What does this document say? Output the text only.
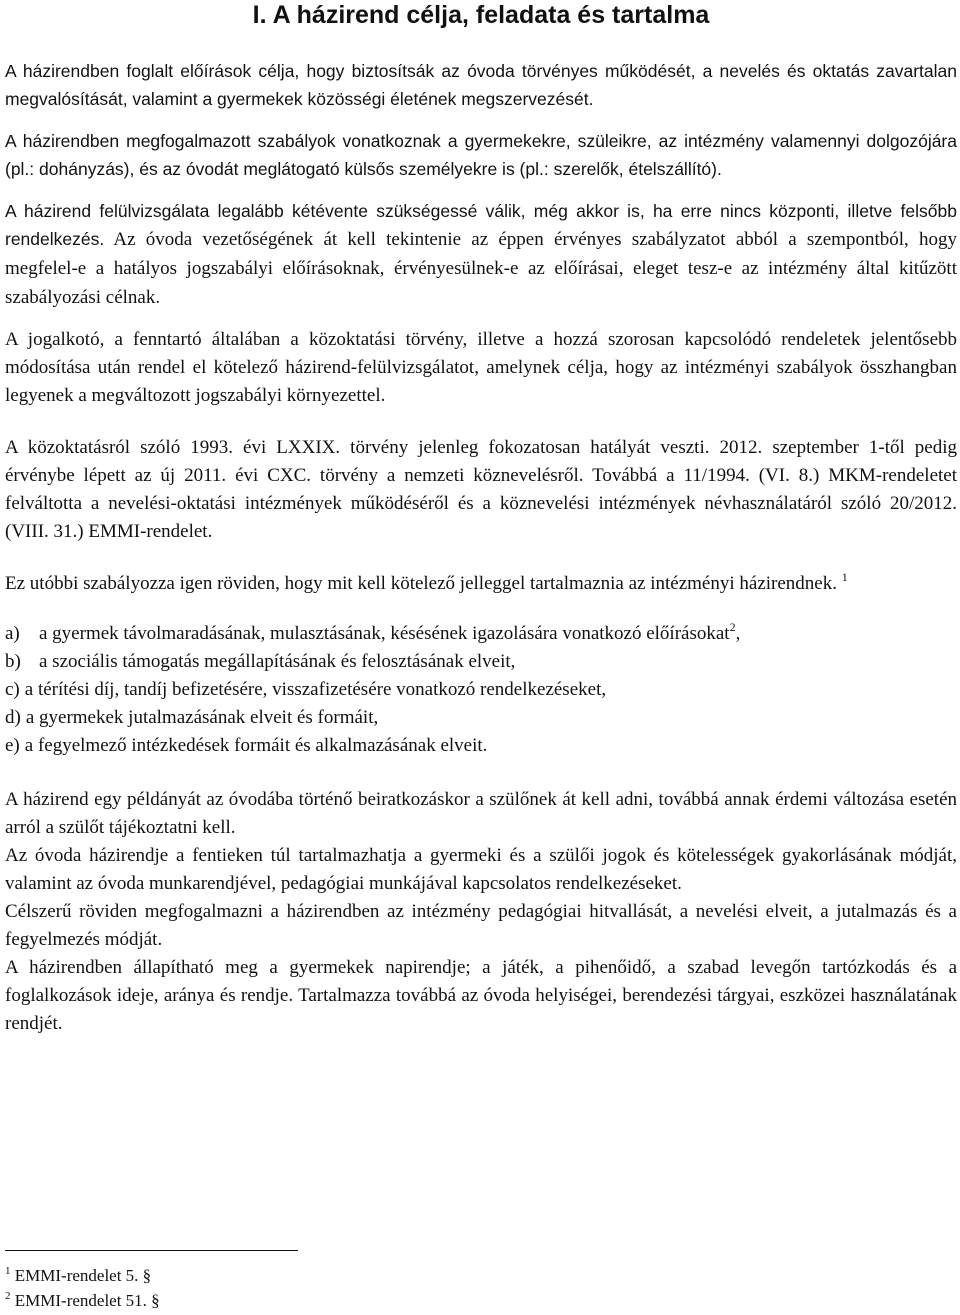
I. A házirend célja, feladata és tartalma

A házirendben foglalt előírások célja, hogy biztosítsák az óvoda törvényes működését, a nevelés és oktatás zavartalan megvalósítását, valamint a gyermekek közösségi életének megszervezését.

A házirendben megfogalmazott szabályok vonatkoznak a gyermekekre, szüleikre, az intézmény valamennyi dolgozójára (pl.: dohányzás), és az óvodát meglátogató külsős személyekre is (pl.: szerelők, ételszállító).

A házirend felülvizsgálata legalább kétévente szükségessé válik, még akkor is, ha erre nincs központi, illetve felsőbb rendelkezés. Az óvoda vezetőségének át kell tekintenie az éppen érvényes szabályzatot abból a szempontból, hogy megfelel-e a hatályos jogszabályi előírásoknak, érvényesülnek-e az előírásai, eleget tesz-e az intézmény által kitűzött szabályozási célnak.

A jogalkotó, a fenntartó általában a közoktatási törvény, illetve a hozzá szorosan kapcsolódó rendeletek jelentősebb módosítása után rendel el kötelező házirend-felülvizsgálatot, amelynek célja, hogy az intézményi szabályok összhangban legyenek a megváltozott jogszabályi környezettel.

A közoktatásról szóló 1993. évi LXXIX. törvény jelenleg fokozatosan hatályát veszti. 2012. szeptember 1-től pedig érvénybe lépett az új 2011. évi CXC. törvény a nemzeti köznevelésről. Továbbá a 11/1994. (VI. 8.) MKM-rendeletet felváltotta a nevelési-oktatási intézmények működéséről és a köznevelési intézmények névhasználatáról szóló 20/2012. (VIII. 31.) EMMI-rendelet.

Ez utóbbi szabályozza igen röviden, hogy mit kell kötelező jelleggel tartalmaznia az intézményi házirendnek. $^1$

a) a gyermek távolmaradásának, mulasztásának, késésének igazolására vonatkozó előírásokat$^2$,
b) a szociális támogatás megállapításának és felosztásának elveit,
c) a térítési díj, tandíj befizetésére, visszafizetésére vonatkozó rendelkezéseket,
d) a gyermekek jutalmazásának elveit és formáit,
e) a fegyelmező intézkedések formáit és alkalmazásának elveit.

A házirend egy példányát az óvodába történő beiratkozáskor a szülőnek át kell adni, továbbá annak érdemi változása esetén arról a szülőt tájékoztatni kell.

Az óvoda házirendje a fentieken túl tartalmazhatja a gyermeki és a szülői jogok és kötelességek gyakorlásának módját, valamint az óvoda munkarendjével, pedagógiai munkájával kapcsolatos rendelkezéseket.

Célszerű röviden megfogalmazni a házirendben az intézmény pedagógiai hitvallását, a nevelési elveit, a jutalmazás és a fegyelmezés módját.

A házirendben állapítható meg a gyermekek napirendje; a játék, a pihenőidő, a szabad levegőn tartózkodás és a foglalkozások ideje, aránya és rendje. Tartalmazza továbbá az óvoda helyiségei, berendezési tárgyai, eszközei használatának rendjét.

$^1$ EMMI-rendelet 5. §
$^2$ EMMI-rendelet 51. §
